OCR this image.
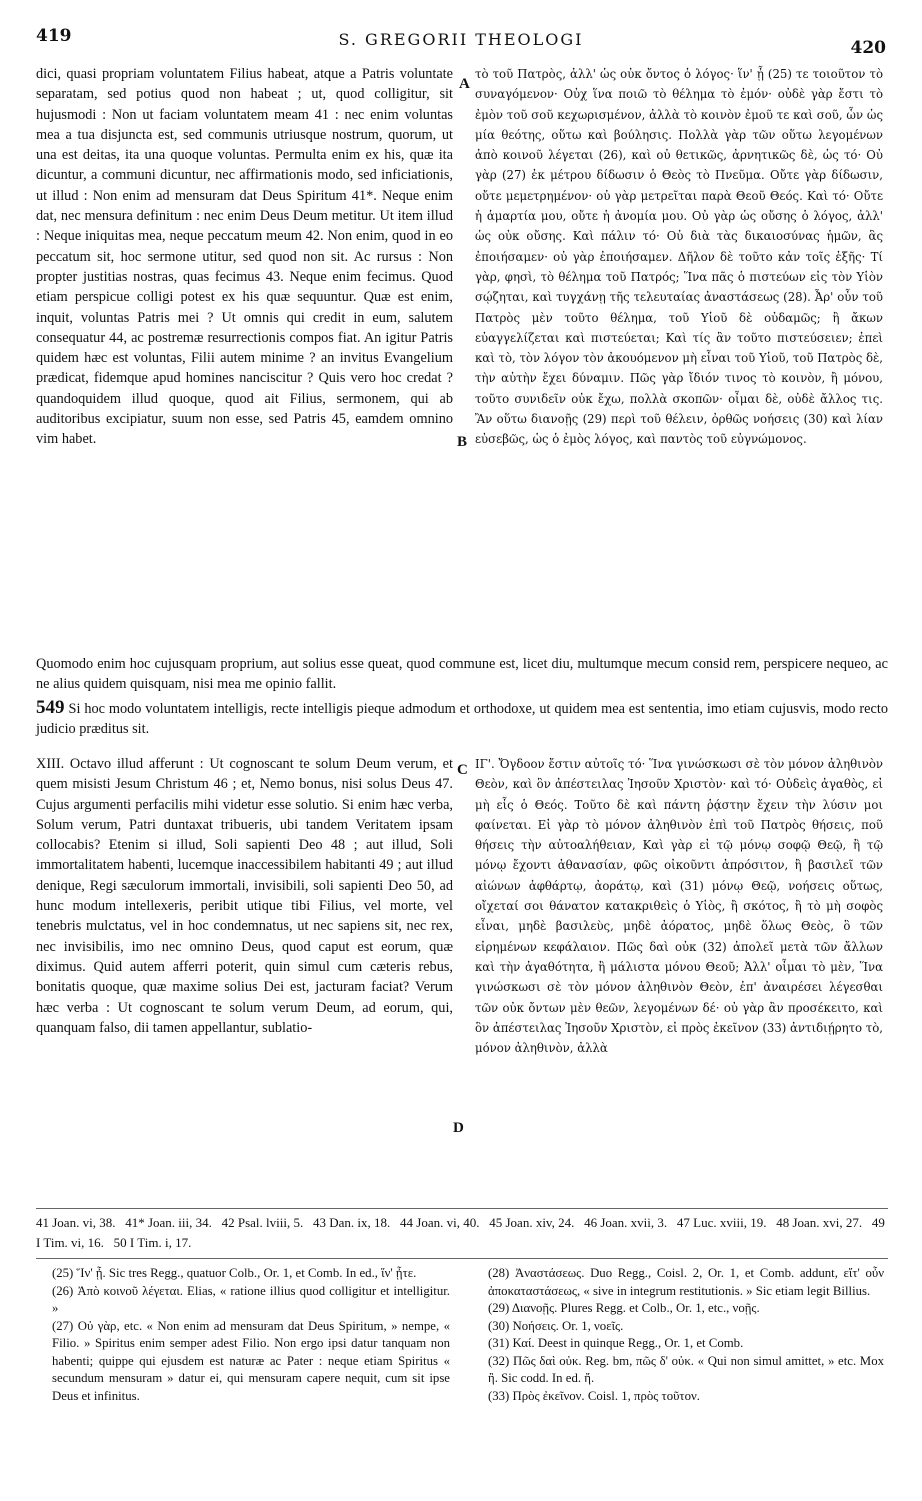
419	S. GREGORII THEOLOGI	420
dici, quasi propriam voluntatem Filius habeat, atque a Patris voluntate separatam, sed potius quod non habeat ; ut, quod colligitur, sit hujusmodi : Non ut faciam voluntatem meam 41 : nec enim voluntas mea a tua disjuncta est, sed communis utriusque nostrum, quorum, ut una est deitas, ita una quoque voluntas. Permulta enim ex his, quæ ita dicuntur, a communi dicuntur, nec affirmationis modo, sed inficiationis, ut illud : Non enim ad mensuram dat Deus Spiritum 41*. Neque enim dat, nec mensura definitum : nec enim Deus Deum metitur. Ut item illud : Neque iniquitas mea, neque peccatum meum 42. Non enim, quod in eo peccatum sit, hoc sermone utitur, sed quod non sit. Ac rursus : Non propter justitias nostras, quas fecimus 43. Neque enim fecimus. Quod etiam perspicue colligi potest ex his quæ sequuntur. Quæ est enim, inquit, voluntas Patris mei ? Ut omnis qui credit in eum, salutem consequatur 44, ac postremæ resurrectionis compos fiat. An igitur Patris quidem hæc est voluntas, Filii autem minime ? an invitus Evangelium prædicat, fidemque apud homines nanciscitur ? Quis vero hoc credat ? quandoquidem illud quoque, quod ait Filius, sermonem, qui ab auditoribus excipiatur, suum non esse, sed Patris 45, eamdem omnino vim habet.
A
B
τὸ τοῦ Πατρὸς, ἀλλ' ὡς οὐκ ὄντος ὁ λόγος· ἵν' ᾖ (25) τε τοιοῦτον τὸ συναγόμενον· Οὐχ ἵνα ποιῶ τὸ θέλημα τὸ ἐμόν· οὐδὲ γὰρ ἔστι τὸ ἐμὸν τοῦ σοῦ κεχωρισμένον, ἀλλὰ τὸ κοινὸν ἐμοῦ τε καὶ σοῦ, ὧν ὡς μία θεότης, οὕτω καὶ βούλησις. Πολλὰ γὰρ τῶν οὕτω λεγομένων ἀπὸ κοινοῦ λέγεται (26), καὶ οὐ θετικῶς, ἀρνητικῶς δὲ, ὡς τό· Οὐ γὰρ (27) ἐκ μέτρου δίδωσιν ὁ Θεὸς τὸ Πνεῦμα. Οὔτε γὰρ δίδωσιν, οὔτε μεμετρημένον· οὐ γὰρ μετρεῖται παρὰ Θεοῦ Θεός. Καὶ τό· Οὔτε ἡ ἁμαρτία μου, οὔτε ἡ ἀνομία μου. Οὐ γὰρ ὡς οὔσης ὁ λόγος, ἀλλ' ὡς οὐκ οὔσης. Καὶ πάλιν τό· Οὐ διὰ τὰς δικαιοσύνας ἡμῶν, ἃς ἐποιήσαμεν· οὐ γὰρ ἐποιήσαμεν. Δῆλον δὲ τοῦτο κἀν τοῖς ἑξῆς· Τί γὰρ, φησὶ, τὸ θέλημα τοῦ Πατρός; Ἵνα πᾶς ὁ πιστεύων εἰς τὸν Υἱὸν σῴζηται, καὶ τυγχάνῃ τῆς τελευταίας ἀναστάσεως (28). Ἆρ' οὖν τοῦ Πατρὸς μὲν τοῦτο θέλημα, τοῦ Υἱοῦ δὲ οὐδαμῶς; ἢ ἄκων εὐαγγελίζεται καὶ πιστεύεται; Καὶ τίς ἂν τοῦτο πιστεύσειεν; ἐπεὶ καὶ τὸ, τὸν λόγον τὸν ἀκουόμενον μὴ εἶναι τοῦ Υἱοῦ, τοῦ Πατρὸς δὲ, τὴν αὐτὴν ἔχει δύναμιν. Πῶς γὰρ ἴδιόν τινος τὸ κοινὸν, ἢ μόνου, τοῦτο συνιδεῖν οὐκ ἔχω, πολλὰ σκοπῶν· οἶμαι δὲ, οὐδὲ ἄλλος τις. Ἂν οὕτω διανοῇς (29) περὶ τοῦ θέλειν, ὀρθῶς νοήσεις (30) καὶ λίαν εὐσεβῶς, ὡς ὁ ἐμὸς λόγος, καὶ παντὸς τοῦ εὐγνώμονος.
Quomodo enim hoc cujusquam proprium, aut solius esse queat, quod commune est, licet diu, multumque mecum consid rem, perspicere nequeo, ac ne alius quidem quisquam, nisi mea me opinio fallit.
549 Si hoc modo voluntatem intelligis, recte intelligis pieque admodum et orthodoxe, ut quidem mea est sententia, imo etiam cujusvis, modo recto judicio præditus sit.
XIII. Octavo illud afferunt : Ut cognoscant te solum Deum verum, et quem misisti Jesum Christum 46 ; et, Nemo bonus, nisi solus Deus 47. Cujus argumenti perfacilis mihi videtur esse solutio. Si enim hæc verba, Solum verum, Patri duntaxat tribueris, ubi tandem Veritatem ipsam collocabis? Etenim si illud, Soli sapienti Deo 48 ; aut illud, Soli immortalitatem habenti, lucemque inaccessibilem habitanti 49 ; aut illud denique, Regi sæculorum immortali, invisibili, soli sapienti Deo 50, ad hunc modum intellexeris, peribit utique tibi Filius, vel morte, vel tenebris mulctatus, vel in hoc condemnatus, ut nec sapiens sit, nec rex, nec invisibilis, imo nec omnino Deus, quod caput est eorum, quæ diximus. Quid autem afferri poterit, quin simul cum cæteris rebus, bonitatis quoque, quæ maxime solius Dei est, jacturam faciat? Verum hæc verba : Ut cognoscant te solum verum Deum, ad eorum, qui, quanquam falso, dii tamen appellantur, sublatio-
C
D
ΙΓ'. Ὄγδοον ἔστιν αὐτοῖς τό· Ἵνα γινώσκωσι σὲ τὸν μόνον ἀληθινὸν Θεὸν, καὶ ὃν ἀπέστειλας Ἰησοῦν Χριστὸν· καὶ τό· Οὐδεὶς ἀγαθὸς, εἰ μὴ εἷς ὁ Θεός. Τοῦτο δὲ καὶ πάντη ῥᾴστην ἔχειν τὴν λύσιν μοι φαίνεται. Εἰ γὰρ τὸ μόνον ἀληθινὸν ἐπὶ τοῦ Πατρὸς θήσεις, ποῦ θήσεις τὴν αὐτοαλήθειαν, Καὶ γὰρ εἰ τῷ μόνῳ σοφῷ Θεῷ, ἢ τῷ μόνῳ ἔχοντι ἀθανασίαν, φῶς οἰκοῦντι ἀπρόσιτον, ἢ βασιλεῖ τῶν αἰώνων ἀφθάρτῳ, ἀοράτῳ, καὶ (31) μόνῳ Θεῷ, νοήσεις οὕτως, οἴχεταί σοι θάνατον κατακριθεὶς ὁ Υἱὸς, ἢ σκότος, ἢ τὸ μὴ σοφὸς εἶναι, μηδὲ βασιλεὺς, μηδὲ ἀόρατος, μηδὲ ὅλως Θεὸς, ὃ τῶν εἰρημένων κεφάλαιον. Πῶς δαὶ οὐκ (32) ἀπολεῖ μετὰ τῶν ἄλλων καὶ τὴν ἀγαθότητα, ἢ μάλιστα μόνου Θεοῦ; Ἀλλ' οἶμαι τὸ μὲν, Ἵνα γινώσκωσι σὲ τὸν μόνον ἀληθινὸν Θεὸν, ἐπ' ἀναιρέσει λέγεσθαι τῶν οὐκ ὄντων μὲν θεῶν, λεγομένων δέ· οὐ γὰρ ἂν προσέκειτο, καὶ ὃν ἀπέστειλας Ἰησοῦν Χριστὸν, εἰ πρὸς ἐκεῖνον (33) ἀντιδιῄρητο τὸ, μόνον ἀληθινὸν, ἀλλὰ
41 Joan. vi, 38. 41* Joan. iii, 34. 42 Psal. lviii, 5. 43 Dan. ix, 18. 44 Joan. vi, 40. 45 Joan. xiv, 24. 46 Joan. xvii, 3. 47 Luc. xviii, 19. 48 Joan. xvi, 27. 49 I Tim. vi, 16. 50 I Tim. i, 17.
(25) Ἵν' ᾖ. Sic tres Regg., quatuor Colb., Or. 1, et Comb. In ed., ἵν' ᾖτε.
(26) Ἀπὸ κοινοῦ λέγεται. Elias, « ratione illius quod colligitur et intelligitur. »
(27) Οὐ γὰρ, etc. « Non enim ad mensuram dat Deus Spiritum, » nempe, « Filio. » Spiritus enim semper adest Filio. Non ergo ipsi datur tanquam non habenti; quippe qui ejusdem est naturæ ac Pater : neque etiam Spiritus « secundum mensuram » datur ei, qui mensuram capere nequit, cum sit ipse Deus et infinitus.
(28) Ἀναστάσεως. Duo Regg., Coisl. 2, Or. 1, et Comb. addunt, εἴτ' οὖν ἀποκαταστάσεως, « sive in integrum restitutionis. » Sic etiam legit Billius.
(29) Διανοῇς. Plures Regg. et Colb., Or. 1, etc., νοῇς.
(30) Νοήσεις. Or. 1, νοεῖς.
(31) Καί. Deest in quinque Regg., Or. 1, et Comb.
(32) Πῶς δαὶ οὐκ. Reg. bm, πῶς δ' οὐκ. « Qui non simul amittet, » etc. Mox ἢ. Sic codd. In ed. ἤ.
(33) Πρὸς ἐκεῖνον. Coisl. 1, πρὸς τοῦτον.
